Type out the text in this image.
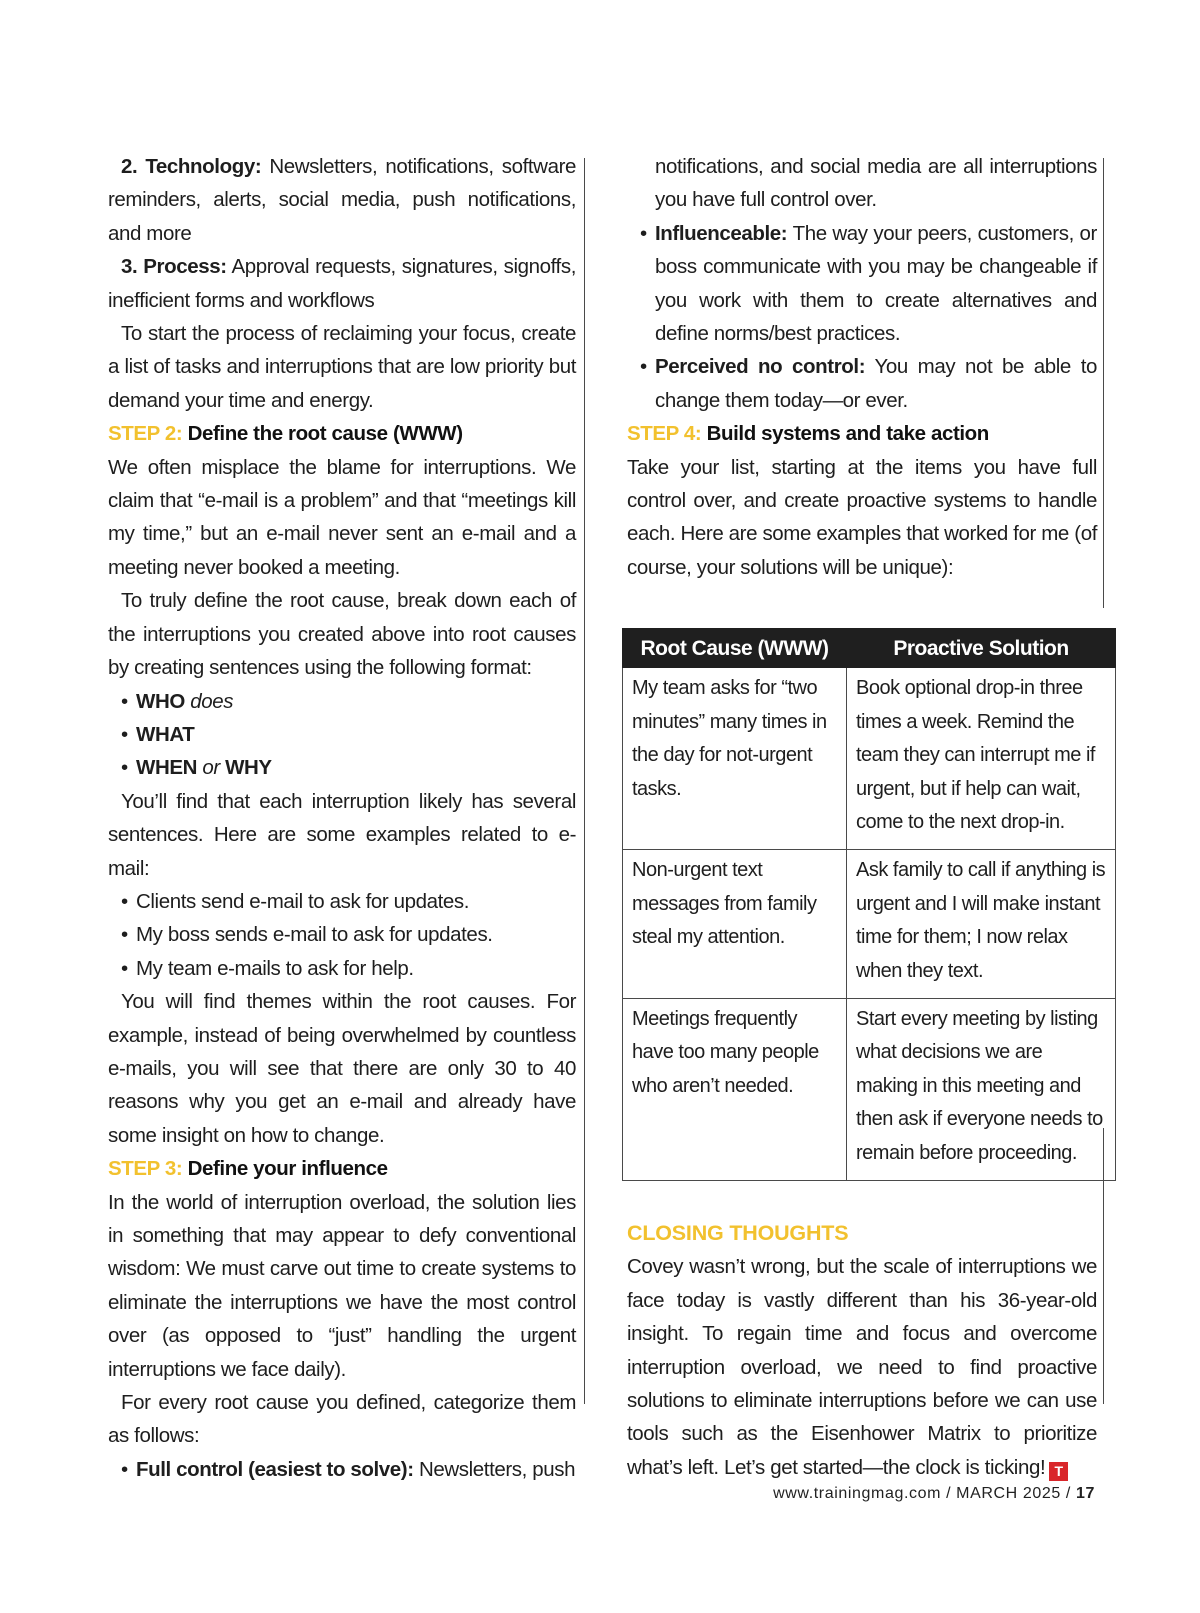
2. Technology: Newsletters, notifications, software reminders, alerts, social media, push notifications, and more

3. Process: Approval requests, signatures, signoffs, inefficient forms and workflows

To start the process of reclaiming your focus, create a list of tasks and interruptions that are low priority but demand your time and energy.

STEP 2: Define the root cause (WWW)

We often misplace the blame for interruptions. We claim that “e-mail is a problem” and that “meetings kill my time,” but an e-mail never sent an e-mail and a meeting never booked a meeting.

To truly define the root cause, break down each of the interruptions you created above into root causes by creating sentences using the following format:

• WHO does
• WHAT
• WHEN or WHY

You’ll find that each interruption likely has several sentences. Here are some examples related to e-mail:

• Clients send e-mail to ask for updates.
• My boss sends e-mail to ask for updates.
• My team e-mails to ask for help.

You will find themes within the root causes. For example, instead of being overwhelmed by countless e-mails, you will see that there are only 30 to 40 reasons why you get an e-mail and already have some insight on how to change.

STEP 3: Define your influence

In the world of interruption overload, the solution lies in something that may appear to defy conventional wisdom: We must carve out time to create systems to eliminate the interruptions we have the most control over (as opposed to “just” handling the urgent interruptions we face daily).

For every root cause you defined, categorize them as follows:

• Full control (easiest to solve): Newsletters, push

notifications, and social media are all interruptions you have full control over.

• Influenceable: The way your peers, customers, or boss communicate with you may be changeable if you work with them to create alternatives and define norms/best practices.
• Perceived no control: You may not be able to change them today—or ever.

STEP 4: Build systems and take action

Take your list, starting at the items you have full control over, and create proactive systems to handle each. Here are some examples that worked for me (of course, your solutions will be unique):

Root Cause (WWW)	Proactive Solution
My team asks for “two minutes” many times in the day for not-urgent tasks.	Book optional drop-in three times a week. Remind the team they can interrupt me if urgent, but if help can wait, come to the next drop-in.
Non-urgent text messages from family steal my attention.	Ask family to call if anything is urgent and I will make instant time for them; I now relax when they text.
Meetings frequently have too many people who aren’t needed.	Start every meeting by listing what decisions we are making in this meeting and then ask if everyone needs to remain before proceeding.

CLOSING THOUGHTS

Covey wasn’t wrong, but the scale of interruptions we face today is vastly different than his 36-year-old insight. To regain time and focus and overcome interruption overload, we need to find proactive solutions to eliminate interruptions before we can use tools such as the Eisenhower Matrix to prioritize what’s left. Let’s get started—the clock is ticking! T

www.trainingmag.com / MARCH 2025 / 17
